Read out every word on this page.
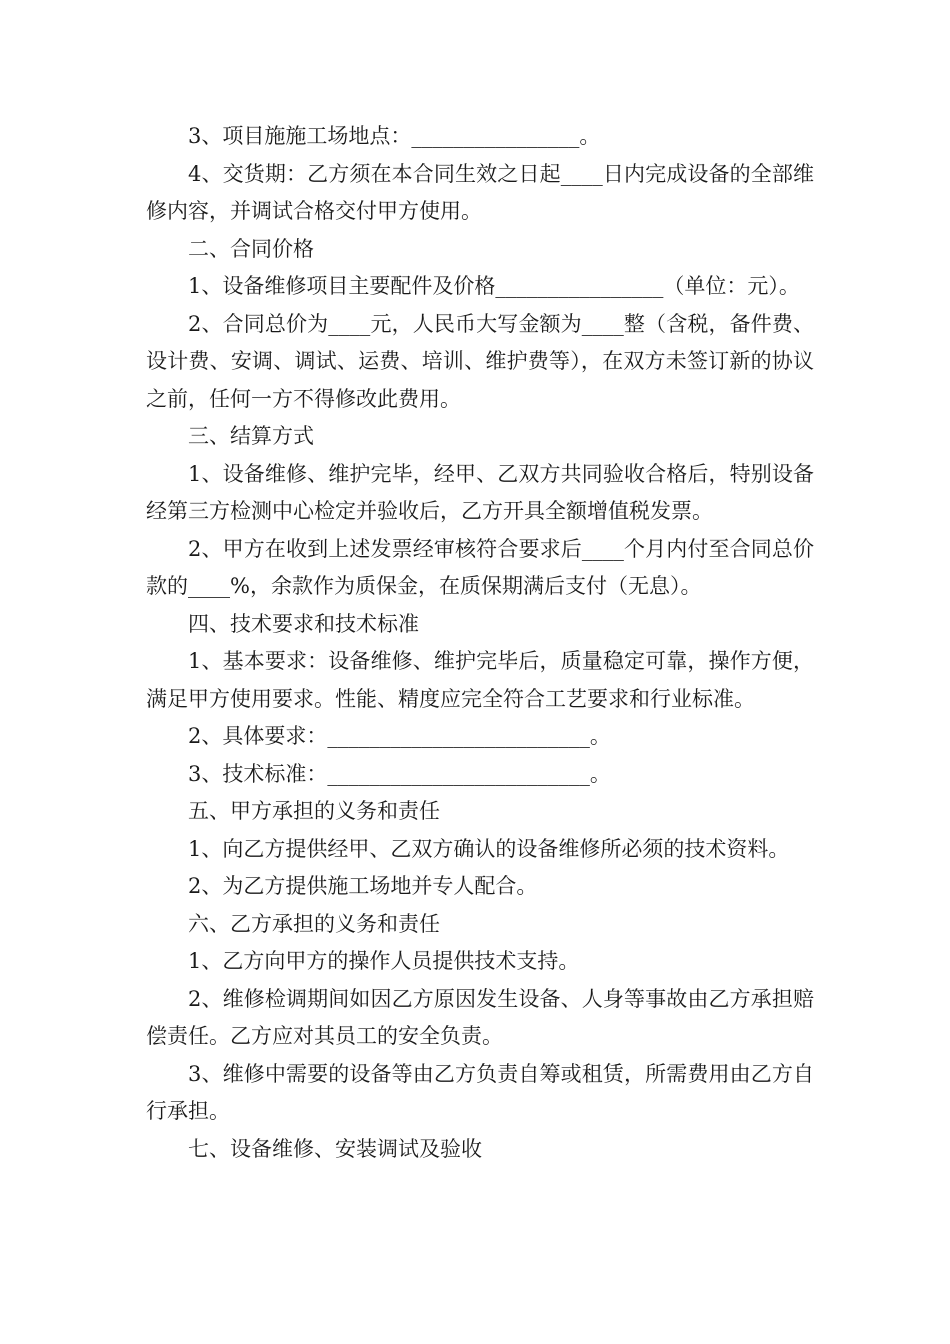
3、项目施施工场地点：________________。

4、交货期：乙方须在本合同生效之日起____日内完成设备的全部维修内容，并调试合格交付甲方使用。

二、合同价格

1、设备维修项目主要配件及价格________________（单位：元）。

2、合同总价为____元，人民币大写金额为____整（含税，备件费、设计费、安调、调试、运费、培训、维护费等），在双方未签订新的协议之前，任何一方不得修改此费用。

三、结算方式

1、设备维修、维护完毕，经甲、乙双方共同验收合格后，特别设备经第三方检测中心检定并验收后，乙方开具全额增值税发票。

2、甲方在收到上述发票经审核符合要求后____个月内付至合同总价款的____%，余款作为质保金，在质保期满后支付（无息）。

四、技术要求和技术标准

1、基本要求：设备维修、维护完毕后，质量稳定可靠，操作方便，满足甲方使用要求。性能、精度应完全符合工艺要求和行业标准。

2、具体要求：_________________________。

3、技术标准：_________________________。

五、甲方承担的义务和责任

1、向乙方提供经甲、乙双方确认的设备维修所必须的技术资料。

2、为乙方提供施工场地并专人配合。

六、乙方承担的义务和责任

1、乙方向甲方的操作人员提供技术支持。

2、维修检调期间如因乙方原因发生设备、人身等事故由乙方承担赔偿责任。乙方应对其员工的安全负责。

3、维修中需要的设备等由乙方负责自筹或租赁，所需费用由乙方自行承担。

七、设备维修、安装调试及验收
